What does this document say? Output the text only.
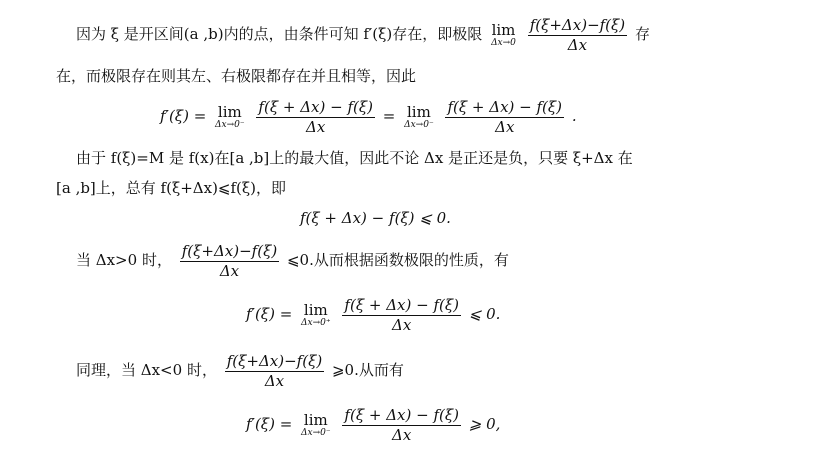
因为 ξ 是开区间(a ,b)内的点，由条件可知 f′(ξ)存在，即极限 lim
Δx→0
$\frac{f(\xi+\Delta x)-f(\xi)}{\Delta x}$ 存
在，而极限存在则其左、右极限都存在并且相等，因此
f′(ξ) = lim
Δx→0⁻
$\frac{f(\xi + \Delta x) - f(\xi)}{\Delta x} = \lim$
Δx→0⁻
$\frac{f(\xi + \Delta x) - f(\xi)}{\Delta x}$ .
由于 f(ξ)=M 是 f(x)在[a ,b]上的最大值，因此不论 Δx 是正还是负，只要 ξ+Δx 在
[a ,b]上，总有 f(ξ+Δx)⩽f(ξ)，即
f(ξ + Δx) − f(ξ) ⩽ 0.
当 Δx>0 时， $\frac{f(\xi+\Delta x)-f(\xi)}{\Delta x}$ ⩽0.从而根据函数极限的性质，有
f′(ξ) = lim
Δx→0⁺
$\frac{f(\xi + \Delta x) - f(\xi)}{\Delta x}$ ⩽ 0.
同理，当 Δx<0 时， $\frac{f(\xi+\Delta x)-f(\xi)}{\Delta x}$ ⩾0.从而有
f′(ξ) = lim
Δx→0⁻
$\frac{f(\xi + \Delta x) - f(\xi)}{\Delta x}$ ⩾ 0,
